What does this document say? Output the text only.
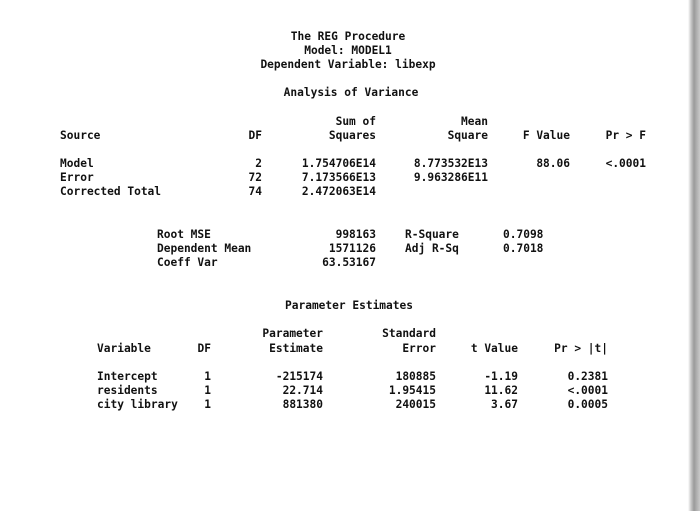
The REG Procedure
Model: MODEL1
Dependent Variable: libexp
Analysis of Variance
Sum of	Mean
Source	DF	Squares	Square	F Value	Pr > F
Model	2	1.754706E14	8.773532E13	88.06	<.0001
Error	72	7.173566E13	9.963286E11
Corrected Total	74	2.472063E14
Root MSE	998163	R-Square	0.7098
Dependent Mean	1571126	Adj R-Sq	0.7018
Coeff Var	63.53167
Parameter Estimates
Parameter	Standard
Variable	DF	Estimate	Error	t Value	Pr > |t|
Intercept	1	-215174	180885	-1.19	0.2381
residents	1	22.714	1.95415	11.62	<.0001
city library 1	881380	240015	3.67	0.0005
